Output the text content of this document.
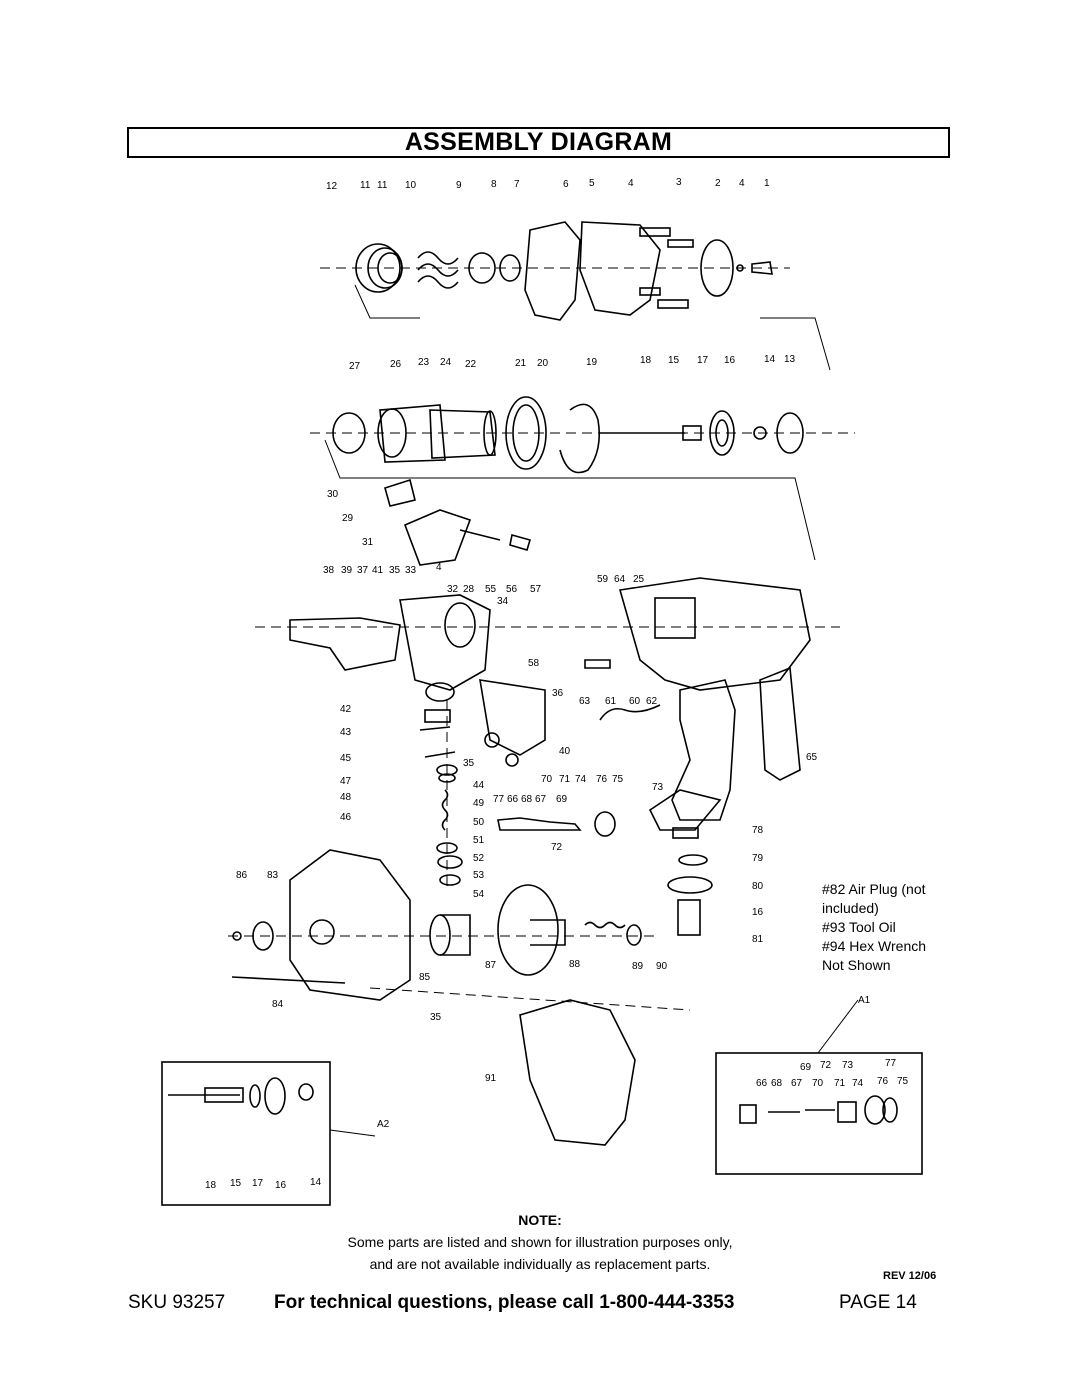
ASSEMBLY DIAGRAM
12 11 11 10	9	8 7	6 5	4	3	2 4 1
27	26 23 24 22	21 20	19	18 15 17 16	14 13
30
29
31
38 39 37 41 35 33 4
32 28 55 56 57
34
59 64 25
58
42
43
45
47
48
46
35
44
49
50
51
52
53
54
36
63 61 60 62
40
65
70 71 74 76 75
77 66 68 67 69
72
73
78
79
80
16
81
86 83
84
85
35
87	88	89 90
91
A1
69 72 73	77
66 68 67 70 71 74 76 75
A2
18 15 17 16 14
#82 Air Plug (not
included)
#93 Tool Oil
#94 Hex Wrench
Not Shown
NOTE:
Some parts are listed and shown for illustration purposes only,
and are not available individually as replacement parts.
REV 12/06
SKU 93257	For technical questions, please call 1-800-444-3353	PAGE 14
